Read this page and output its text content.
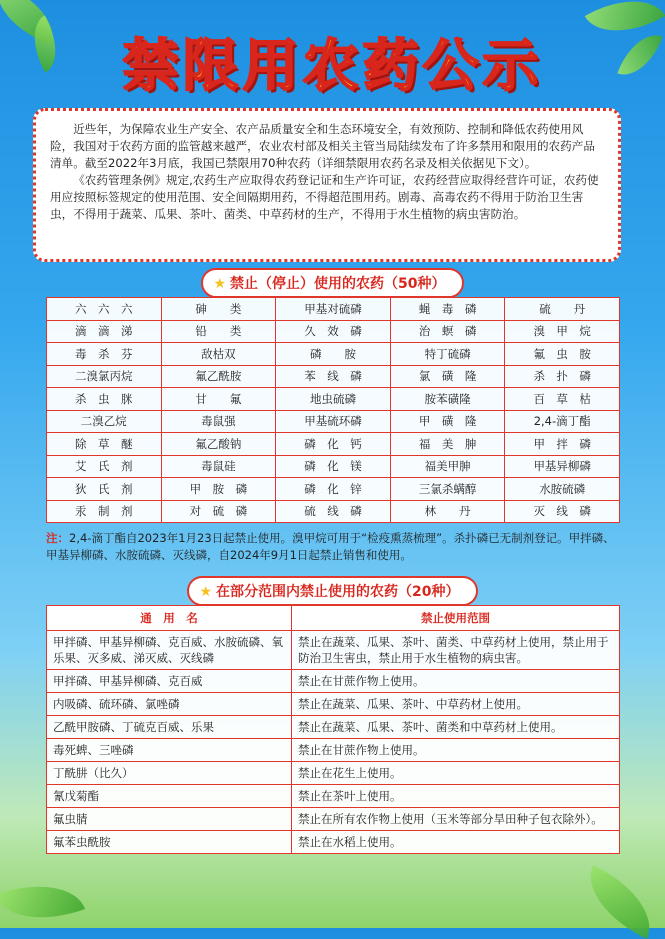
禁限用农药公示

近些年，为保障农业生产安全、农产品质量安全和生态环境安全，有效预防、控制和降低农药使用风险，我国对于农药方面的监管越来越严，农业农村部及相关主管当局陆续发布了许多禁用和限用的农药产品清单。截至2022年3月底，我国已禁限用70种农药（详细禁限用农药名录及相关依据见下文）。

《农药管理条例》规定,农药生产应取得农药登记证和生产许可证，农药经营应取得经营许可证，农药使用应按照标签规定的使用范围、安全间隔期用药，不得超范围用药。剧毒、高毒农药不得用于防治卫生害虫，不得用于蔬菜、瓜果、茶叶、菌类、中草药材的生产，不得用于水生植物的病虫害防治。

★ 禁止（停止）使用的农药（50种）
六　六　六	砷　　类	甲基对硫磷	蝇　毒　磷	硫　　丹
滴　滴　涕	铅　　类	久　效　磷	治　螟　磷	溴　甲　烷
毒　杀　芬	敌枯双	磷　　胺	特丁硫磷	氟　虫　胺
二溴氯丙烷	氟乙酰胺	苯　线　磷	氯　磺　隆	杀　扑　磷
杀　虫　脒	甘　　氟	地虫硫磷	胺苯磺隆	百　草　枯
二溴乙烷	毒鼠强	甲基硫环磷	甲　磺　隆	2,4-滴丁酯
除　草　醚	氟乙酸钠	磷　化　钙	福　美　胂	甲　拌　磷
艾　氏　剂	毒鼠硅	磷　化　镁	福美甲胂	甲基异柳磷
狄　氏　剂	甲　胺　磷	磷　化　锌	三氯杀螨醇	水胺硫磷
汞　制　剂	对　硫　磷	硫　线　磷	林　　丹	灭　线　磷
注：2,4-滴丁酯自2023年1月23日起禁止使用。溴甲烷可用于“检疫熏蒸梳理”。杀扑磷已无制剂登记。甲拌磷、甲基异柳磷、水胺硫磷、灭线磷，自2024年9月1日起禁止销售和使用。
★ 在部分范围内禁止使用的农药（20种）
通　用　名	禁止使用范围
甲拌磷、甲基异柳磷、克百威、水胺硫磷、氧乐果、灭多威、涕灭威、灭线磷	禁止在蔬菜、瓜果、茶叶、菌类、中草药材上使用，禁止用于防治卫生害虫，禁止用于水生植物的病虫害。
甲拌磷、甲基异柳磷、克百威	禁止在甘蔗作物上使用。
内吸磷、硫环磷、氯唑磷	禁止在蔬菜、瓜果、茶叶、中草药材上使用。
乙酰甲胺磷、丁硫克百威、乐果	禁止在蔬菜、瓜果、茶叶、菌类和中草药材上使用。
毒死蜱、三唑磷	禁止在甘蔗作物上使用。
丁酰肼（比久）	禁止在花生上使用。
氰戊菊酯	禁止在茶叶上使用。
氟虫腈	禁止在所有农作物上使用（玉米等部分旱田种子包衣除外）。
氟苯虫酰胺	禁止在水稻上使用。
